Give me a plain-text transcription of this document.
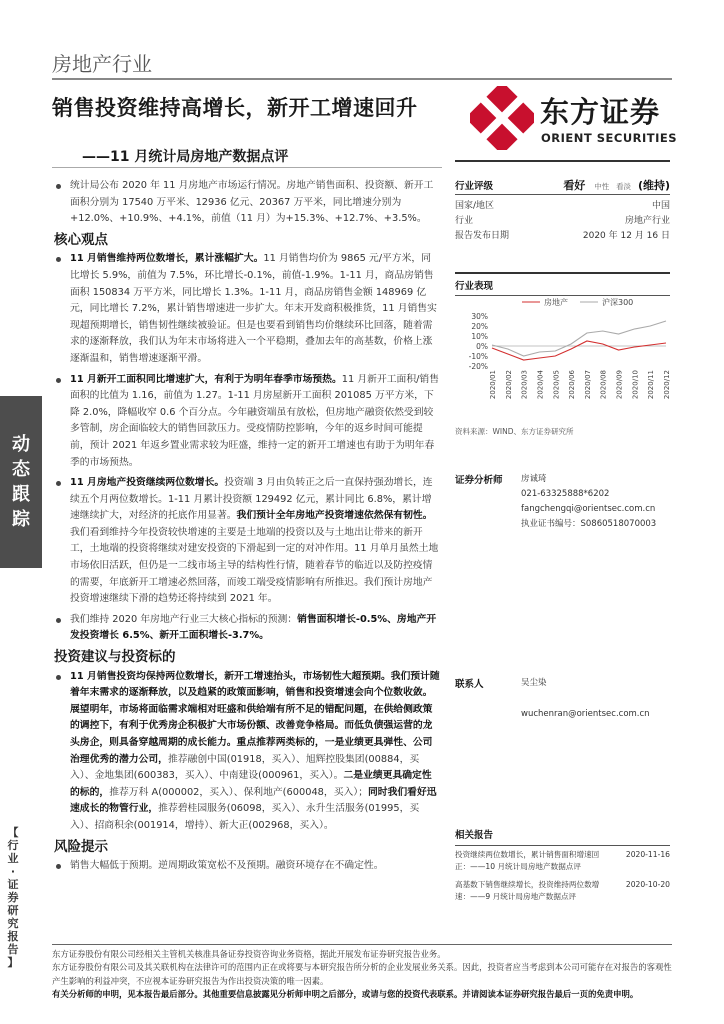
房地产行业
销售投资维持高增长，新开工增速回升
——11 月统计局房地产数据点评
东方证券
ORIENT SECURITIES
动
态
跟
踪
【
行
业
·
证
券
研
究
报
告
】

统计局公布 2020 年 11 月房地产市场运行情况。房地产销售面积、投资额、新开工面积分别为 17540 万平米、12936 亿元、20367 万平米，同比增速分别为+12.0%、+10.9%、+4.1%，前值（11 月）为+15.3%、+12.7%、+3.5%。

核心观点

11 月销售维持两位数增长，累计涨幅扩大。11 月销售均价为 9865 元/平方米，同比增长 5.9%，前值为 7.5%，环比增长-0.1%，前值-1.9%。1-11 月，商品房销售面积 150834 万平方米，同比增长 1.3%。1-11 月，商品房销售金额 148969 亿元，同比增长 7.2%，累计销售增速进一步扩大。年末开发商积极推货，11 月销售实现超预期增长，销售韧性继续被验证。但是也要看到销售均价继续环比回落，随着需求的逐渐释放，我们认为年末市场将进入一个平稳期，叠加去年的高基数，价格上涨逐渐温和，销售增速逐渐平滑。

11 月新开工面积同比增速扩大，有利于为明年春季市场预热。11 月新开工面积/销售面积的比值为 1.16，前值为 1.27。1-11 月房屋新开工面积 201085 万平方米，下降 2.0%，降幅收窄 0.6 个百分点。今年融资端虽有放松，但房地产融资依然受到较多管制，房企面临较大的销售回款压力。受疫情防控影响，今年的返乡时间可能提前，预计 2021 年返乡置业需求较为旺盛，维持一定的新开工增速也有助于为明年春季的市场预热。

11 月房地产投资继续两位数增长。投资端 3 月由负转正之后一直保持强劲增长，连续五个月两位数增长。1-11 月累计投资额 129492 亿元，累计同比 6.8%，累计增速继续扩大，对经济的托底作用显著。我们预计全年房地产投资增速依然保有韧性。我们看到维持今年投资较快增速的主要是土地端的投资以及与土地出让带来的新开工，土地端的投资将继续对建安投资的下滑起到一定的对冲作用。11 月单月虽然土地市场依旧活跃，但仍是一二线市场主导的结构性行情，随着春节的临近以及防控疫情的需要，年底新开工增速必然回落，而竣工端受疫情影响有所推迟。我们预计房地产投资增速继续下滑的趋势还将持续到 2021 年。

我们维持 2020 年房地产行业三大核心指标的预测：销售面积增长-0.5%、房地产开发投资增长 6.5%、新开工面积增长-3.7%。

投资建议与投资标的

11 月销售投资均保持两位数增长，新开工增速抬头，市场韧性大超预期。我们预计随着年末需求的逐渐释放，以及趋紧的政策面影响，销售和投资增速会向个位数收敛。展望明年，市场将面临需求端相对旺盛和供给端有所不足的错配问题，在供给侧政策的调控下，有利于优秀房企积极扩大市场份额、改善竞争格局。而低负债强运营的龙头房企，则具备穿越周期的成长能力。重点推荐两类标的，一是业绩更具弹性、公司治理优秀的潜力公司，推荐融创中国(01918，买入）、旭辉控股集团(00884，买入）、金地集团(600383，买入）、中南建设(000961，买入）。二是业绩更具确定性的标的，推荐万科 A(000002，买入）、保利地产(600048，买入）；同时我们看好迅速成长的物管行业，推荐碧桂园服务(06098，买入）、永升生活服务(01995，买入）、招商积余(001914，增持）、新大正(002968，买入）。

风险提示

销售大幅低于预期。逆周期政策宽松不及预期。融资环境存在不确定性。

行业评级	看好 中性 看淡 (维持)
国家/地区	中国
行业	房地产行业
报告发布日期	2020 年 12 月 16 日
行业表现
房地产	沪深300
30%
20%
10%
0%
-10%
-20%
2020/01 2020/02 2020/03 2020/04 2020/05 2020/06 2020/07 2020/08 2020/09 2020/10 2020/11 2020/12
资料来源：WIND、东方证券研究所
证券分析师	房诚琦
021-63325888*6202
fangchengqi@orientsec.com.cn
执业证书编号：S0860518070003
联系人	吴尘染
wuchenran@orientsec.com.cn
相关报告
投资继续两位数增长，累计销售面积增速回	2020-11-16
正：——10 月统计局房地产数据点评
高基数下销售继续增长，投资维持两位数增	2020-10-20
速：——9 月统计局房地产数据点评
东方证券股份有限公司经相关主管机关核准具备证券投资咨询业务资格，据此开展发布证券研究报告业务。
东方证券股份有限公司及其关联机构在法律许可的范围内正在或将要与本研究报告所分析的企业发展业务关系。因此，投资者应当考虑到本公司可能存在对报告的客观性产生影响的利益冲突，不应视本证券研究报告为作出投资决策的唯一因素。
有关分析师的申明，见本报告最后部分。其他重要信息披露见分析师申明之后部分，或请与您的投资代表联系。并请阅读本证券研究报告最后一页的免责申明。
